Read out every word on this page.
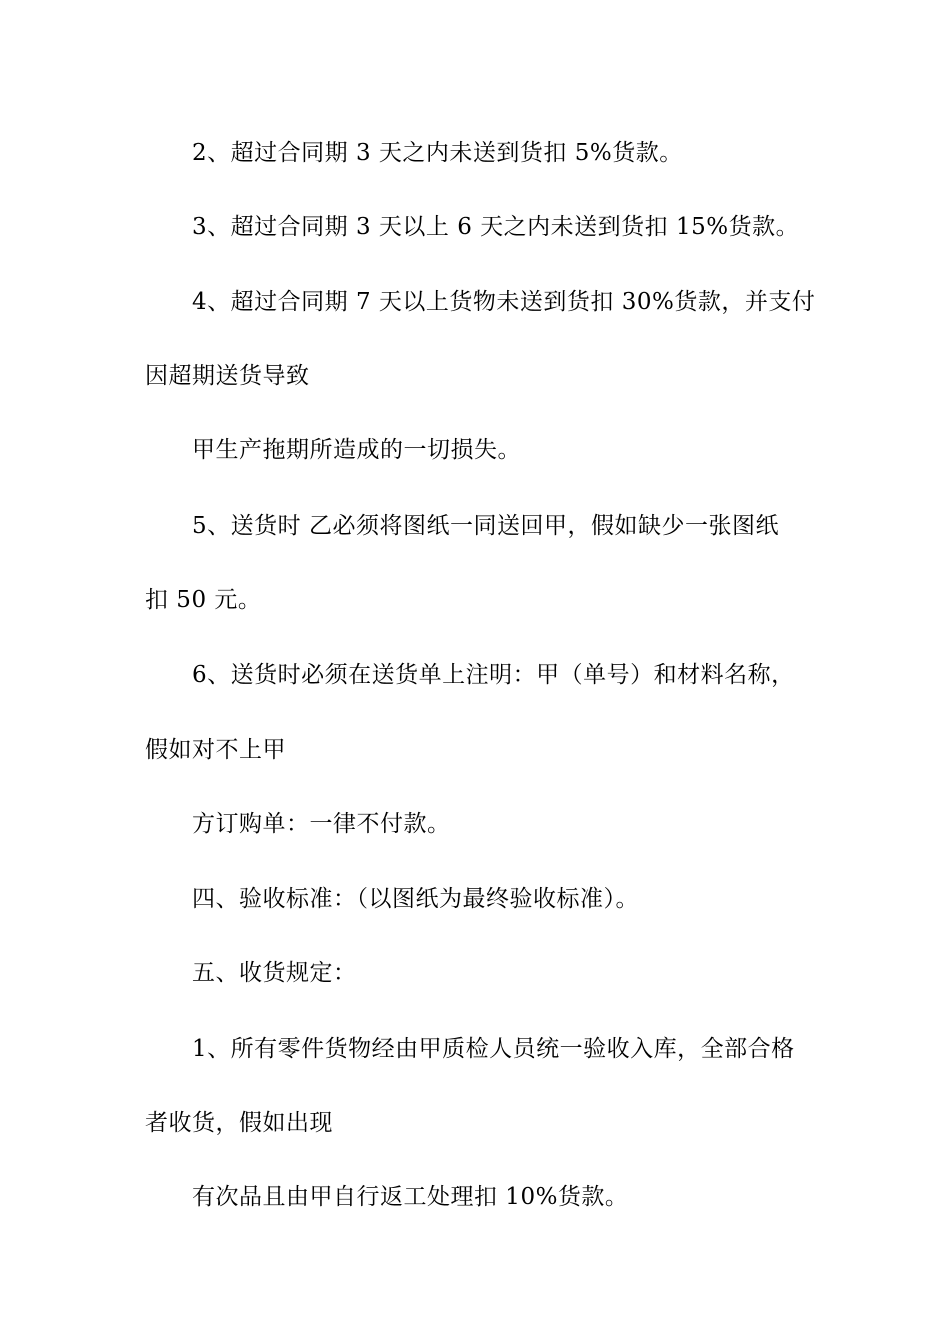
2、超过合同期 3 天之内未送到货扣 5%货款。

3、超过合同期 3 天以上 6 天之内未送到货扣 15%货款。

4、超过合同期 7 天以上货物未送到货扣 30%货款，并支付

因超期送货导致

甲生产拖期所造成的一切损失。

5、送货时 乙必须将图纸一同送回甲，假如缺少一张图纸

扣 50 元。

6、送货时必须在送货单上注明：甲（单号）和材料名称，

假如对不上甲

方订购单：一律不付款。

四、验收标准：（以图纸为最终验收标准）。

五、收货规定：

1、所有零件货物经由甲质检人员统一验收入库，全部合格

者收货，假如出现

有次品且由甲自行返工处理扣 10%货款。
